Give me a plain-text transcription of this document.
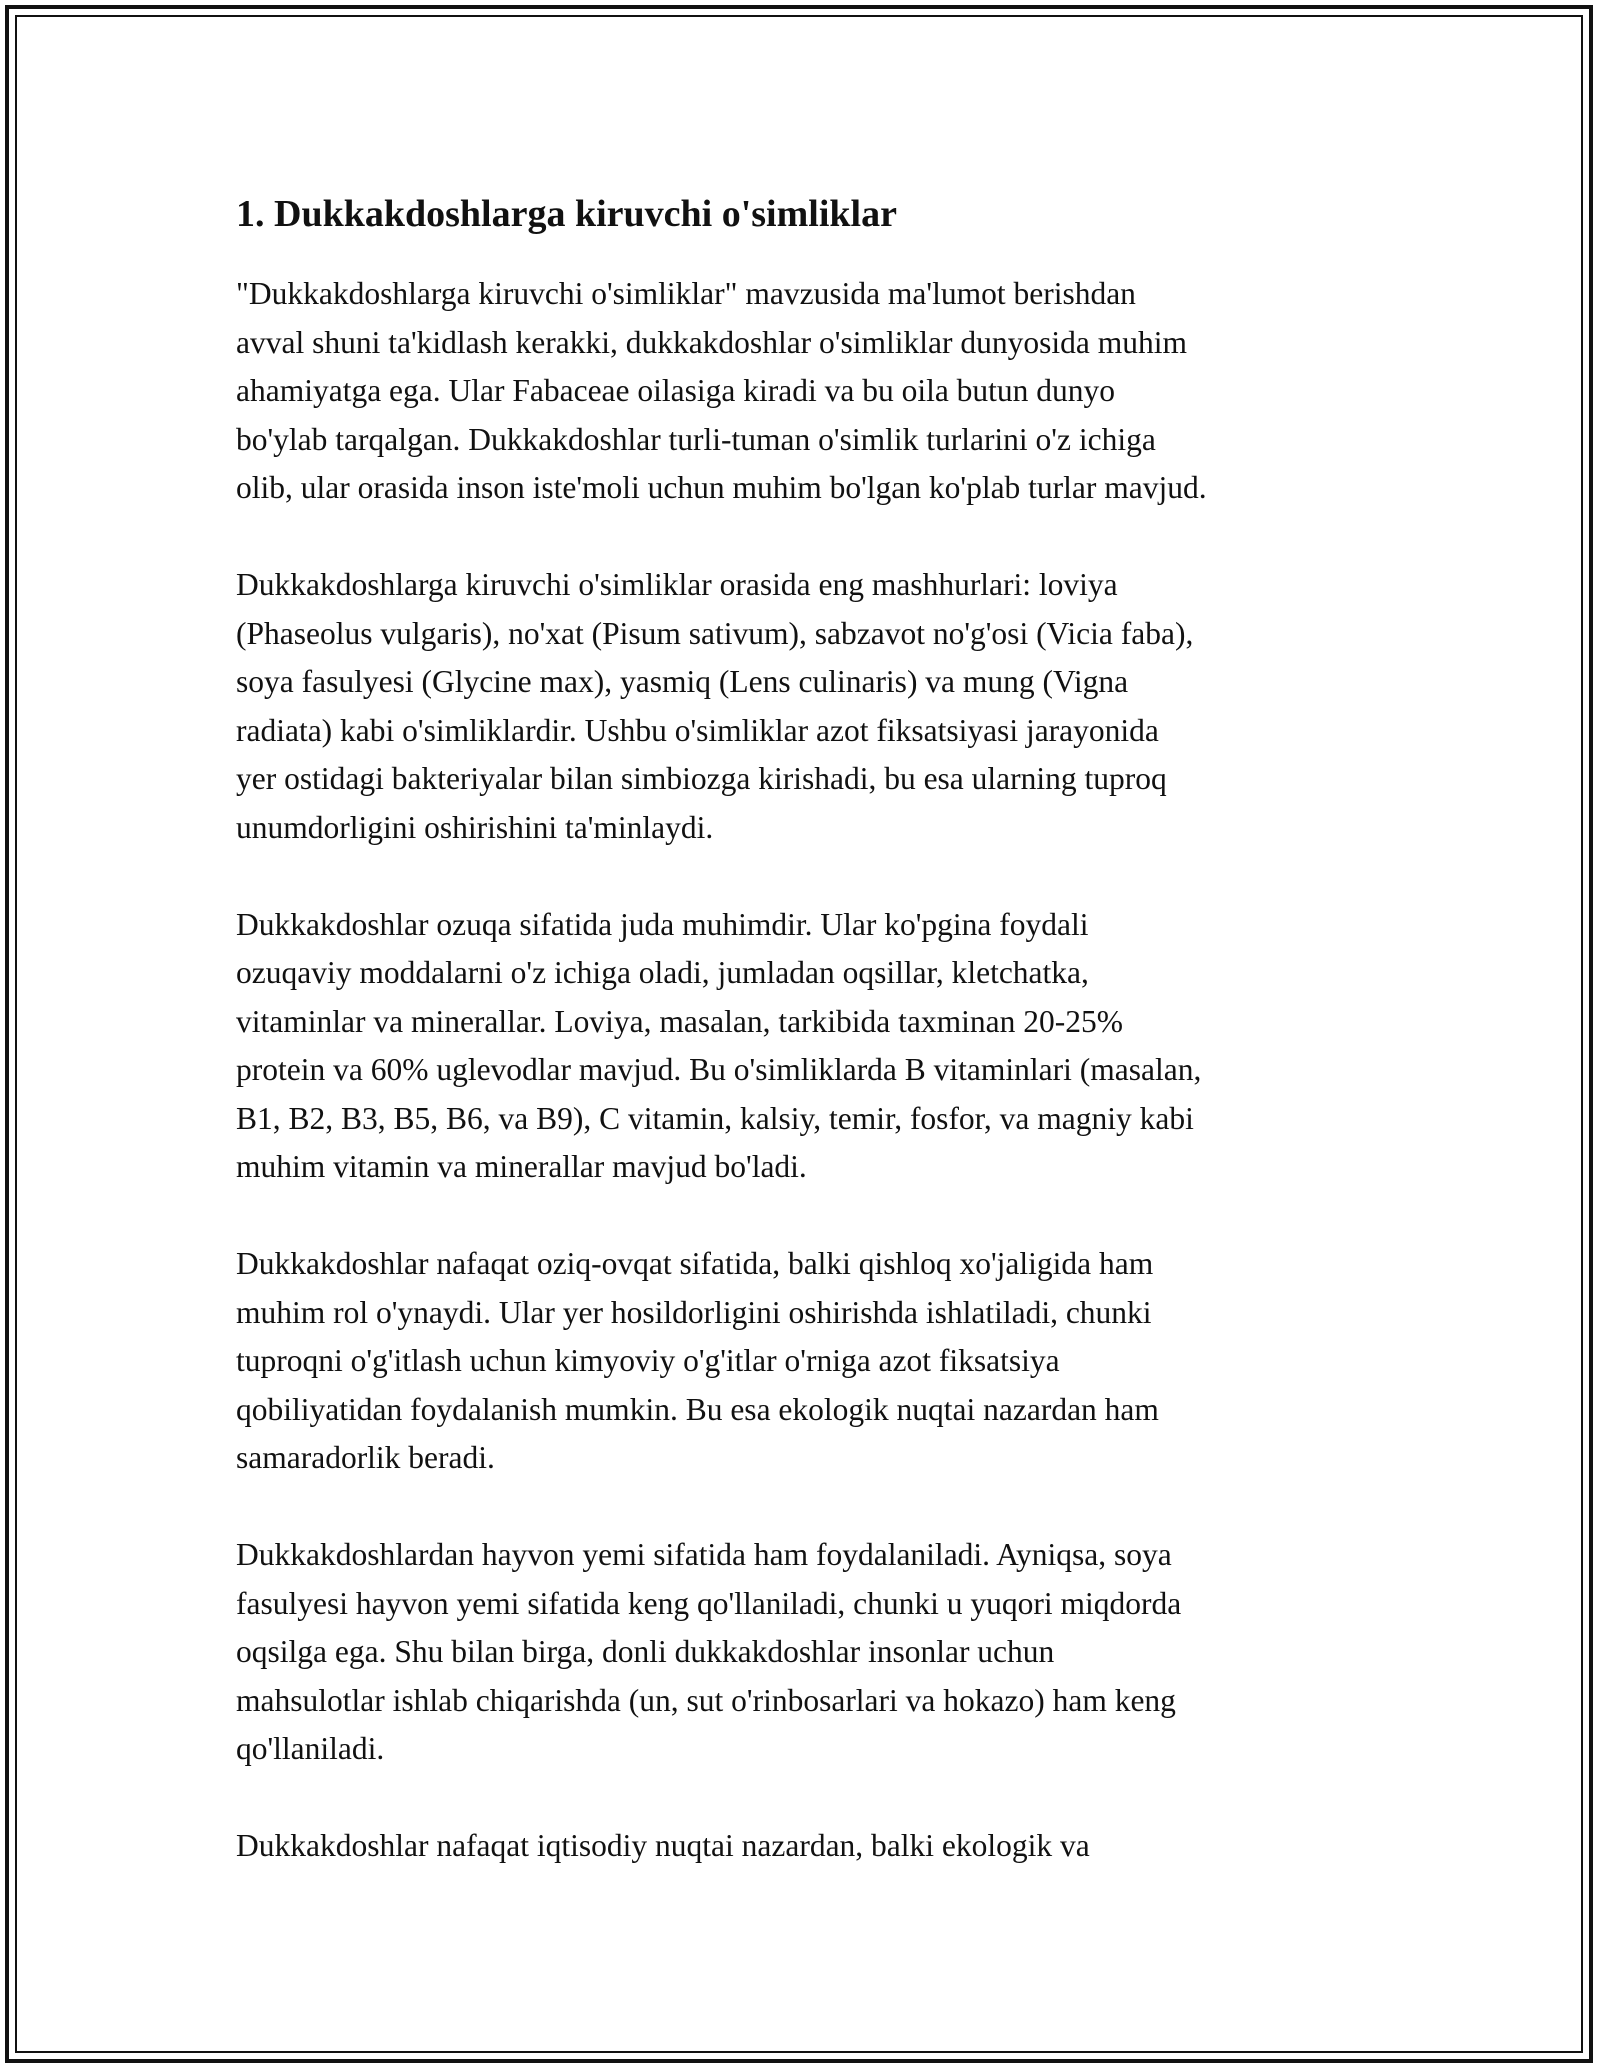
1. Dukkakdoshlarga kiruvchi o'simliklar
"Dukkakdoshlarga kiruvchi o'simliklar" mavzusida ma'lumot berishdan
avval shuni ta'kidlash kerakki, dukkakdoshlar o'simliklar dunyosida muhim
ahamiyatga ega. Ular Fabaceae oilasiga kiradi va bu oila butun dunyo
bo'ylab tarqalgan. Dukkakdoshlar turli-tuman o'simlik turlarini o'z ichiga
olib, ular orasida inson iste'moli uchun muhim bo'lgan ko'plab turlar mavjud.
Dukkakdoshlarga kiruvchi o'simliklar orasida eng mashhurlari: loviya
(Phaseolus vulgaris), no'xat (Pisum sativum), sabzavot no'g'osi (Vicia faba),
soya fasulyesi (Glycine max), yasmiq (Lens culinaris) va mung (Vigna
radiata) kabi o'simliklardir. Ushbu o'simliklar azot fiksatsiyasi jarayonida
yer ostidagi bakteriyalar bilan simbiozga kirishadi, bu esa ularning tuproq
unumdorligini oshirishini ta'minlaydi.
Dukkakdoshlar ozuqa sifatida juda muhimdir. Ular ko'pgina foydali
ozuqaviy moddalarni o'z ichiga oladi, jumladan oqsillar, kletchatka,
vitaminlar va minerallar. Loviya, masalan, tarkibida taxminan 20-25%
protein va 60% uglevodlar mavjud. Bu o'simliklarda B vitaminlari (masalan,
B1, B2, B3, B5, B6, va B9), C vitamin, kalsiy, temir, fosfor, va magniy kabi
muhim vitamin va minerallar mavjud bo'ladi.
Dukkakdoshlar nafaqat oziq-ovqat sifatida, balki qishloq xo'jaligida ham
muhim rol o'ynaydi. Ular yer hosildorligini oshirishda ishlatiladi, chunki
tuproqni o'g'itlash uchun kimyoviy o'g'itlar o'rniga azot fiksatsiya
qobiliyatidan foydalanish mumkin. Bu esa ekologik nuqtai nazardan ham
samaradorlik beradi.
Dukkakdoshlardan hayvon yemi sifatida ham foydalaniladi. Ayniqsa, soya
fasulyesi hayvon yemi sifatida keng qo'llaniladi, chunki u yuqori miqdorda
oqsilga ega. Shu bilan birga, donli dukkakdoshlar insonlar uchun
mahsulotlar ishlab chiqarishda (un, sut o'rinbosarlari va hokazo) ham keng
qo'llaniladi.
Dukkakdoshlar nafaqat iqtisodiy nuqtai nazardan, balki ekologik va
